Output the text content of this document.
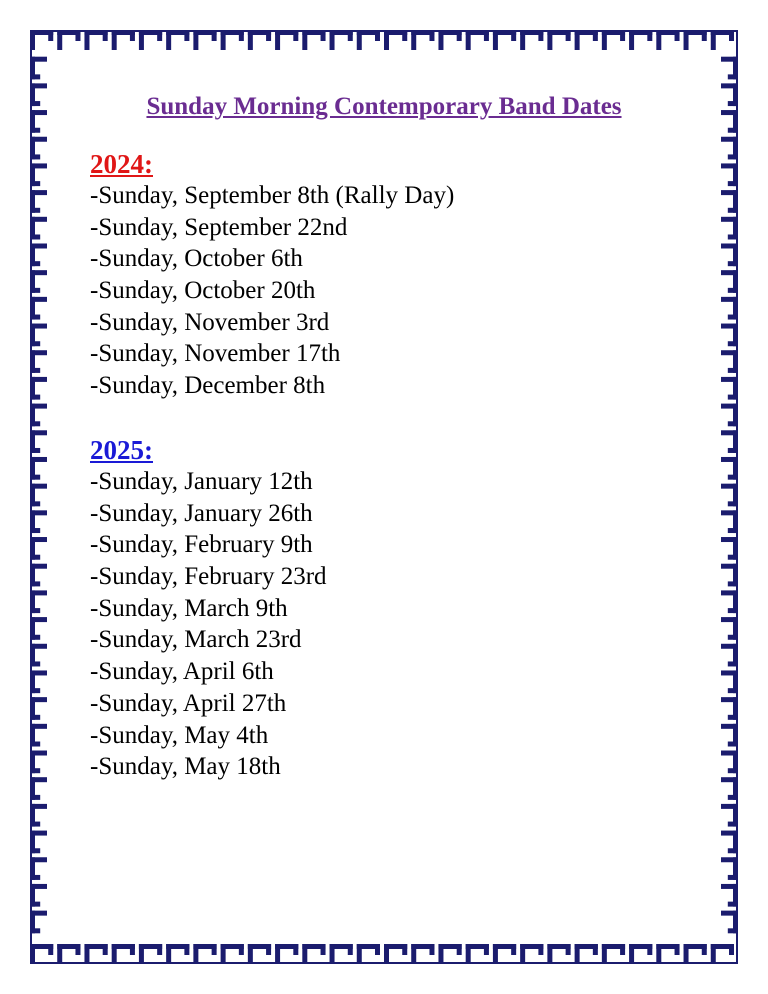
Sunday Morning Contemporary Band Dates
2024:
-Sunday, September 8th (Rally Day)
-Sunday, September 22nd
-Sunday, October 6th
-Sunday, October 20th
-Sunday, November 3rd
-Sunday, November 17th
-Sunday, December 8th
2025:
-Sunday, January 12th
-Sunday, January 26th
-Sunday, February 9th
-Sunday, February 23rd
-Sunday, March 9th
-Sunday, March 23rd
-Sunday, April 6th
-Sunday, April 27th
-Sunday, May 4th
-Sunday, May 18th
